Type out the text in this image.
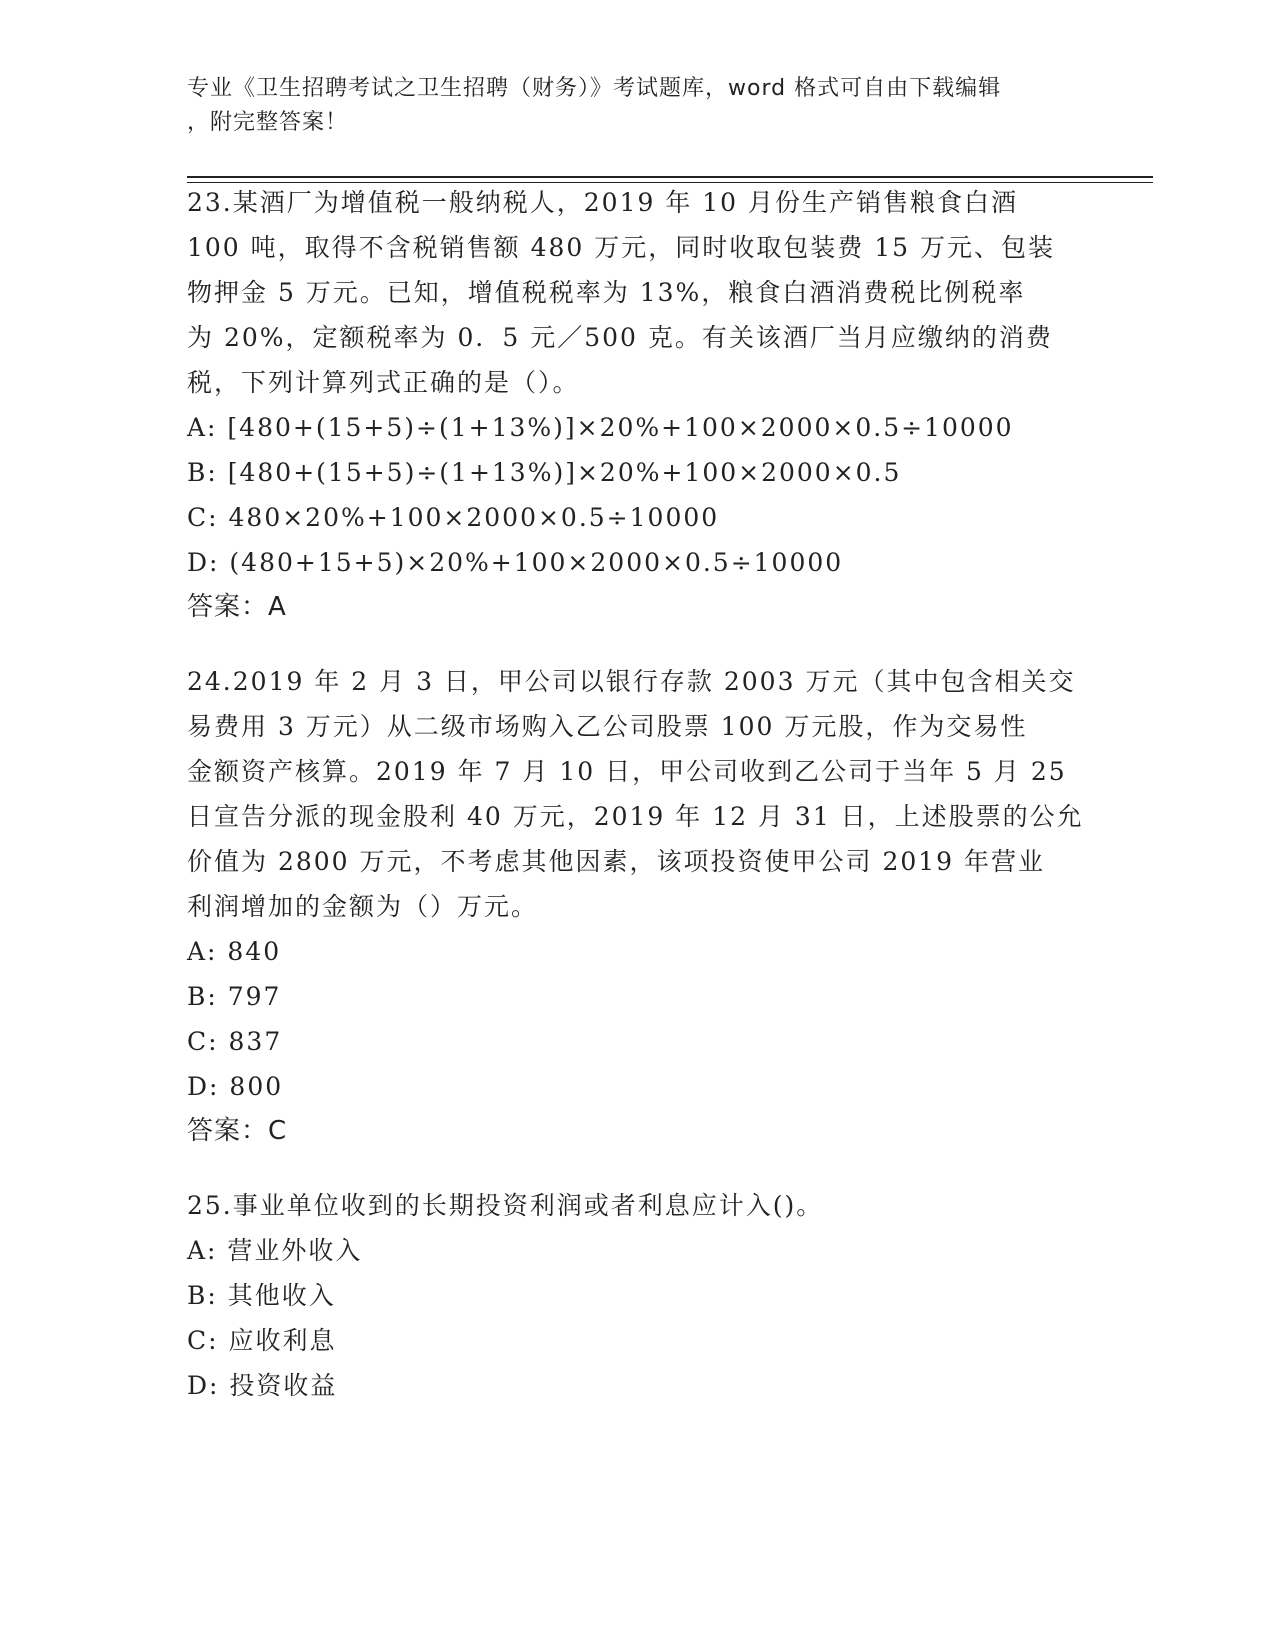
专业《卫生招聘考试之卫生招聘（财务）》考试题库，word 格式可自由下载编辑
，附完整答案！
23.某酒厂为增值税一般纳税人，2019 年 10 月份生产销售粮食白酒
100 吨，取得不含税销售额 480 万元，同时收取包装费 15 万元、包装
物押金 5 万元。已知，增值税税率为 13%，粮食白酒消费税比例税率
为 20%，定额税率为 0．5 元／500 克。有关该酒厂当月应缴纳的消费
税，下列计算列式正确的是（）。
A: [480+(15+5)÷(1+13%)]×20%+100×2000×0.5÷10000
B: [480+(15+5)÷(1+13%)]×20%+100×2000×0.5
C: 480×20%+100×2000×0.5÷10000
D: (480+15+5)×20%+100×2000×0.5÷10000
答案：A
24.2019 年 2 月 3 日，甲公司以银行存款 2003 万元（其中包含相关交
易费用 3 万元）从二级市场购入乙公司股票 100 万元股，作为交易性
金额资产核算。2019 年 7 月 10 日，甲公司收到乙公司于当年 5 月 25
日宣告分派的现金股利 40 万元，2019 年 12 月 31 日，上述股票的公允
价值为 2800 万元，不考虑其他因素，该项投资使甲公司 2019 年营业
利润增加的金额为（）万元。
A: 840
B: 797
C: 837
D: 800
答案：C
25.事业单位收到的长期投资利润或者利息应计入()。
A: 营业外收入
B: 其他收入
C: 应收利息
D: 投资收益
